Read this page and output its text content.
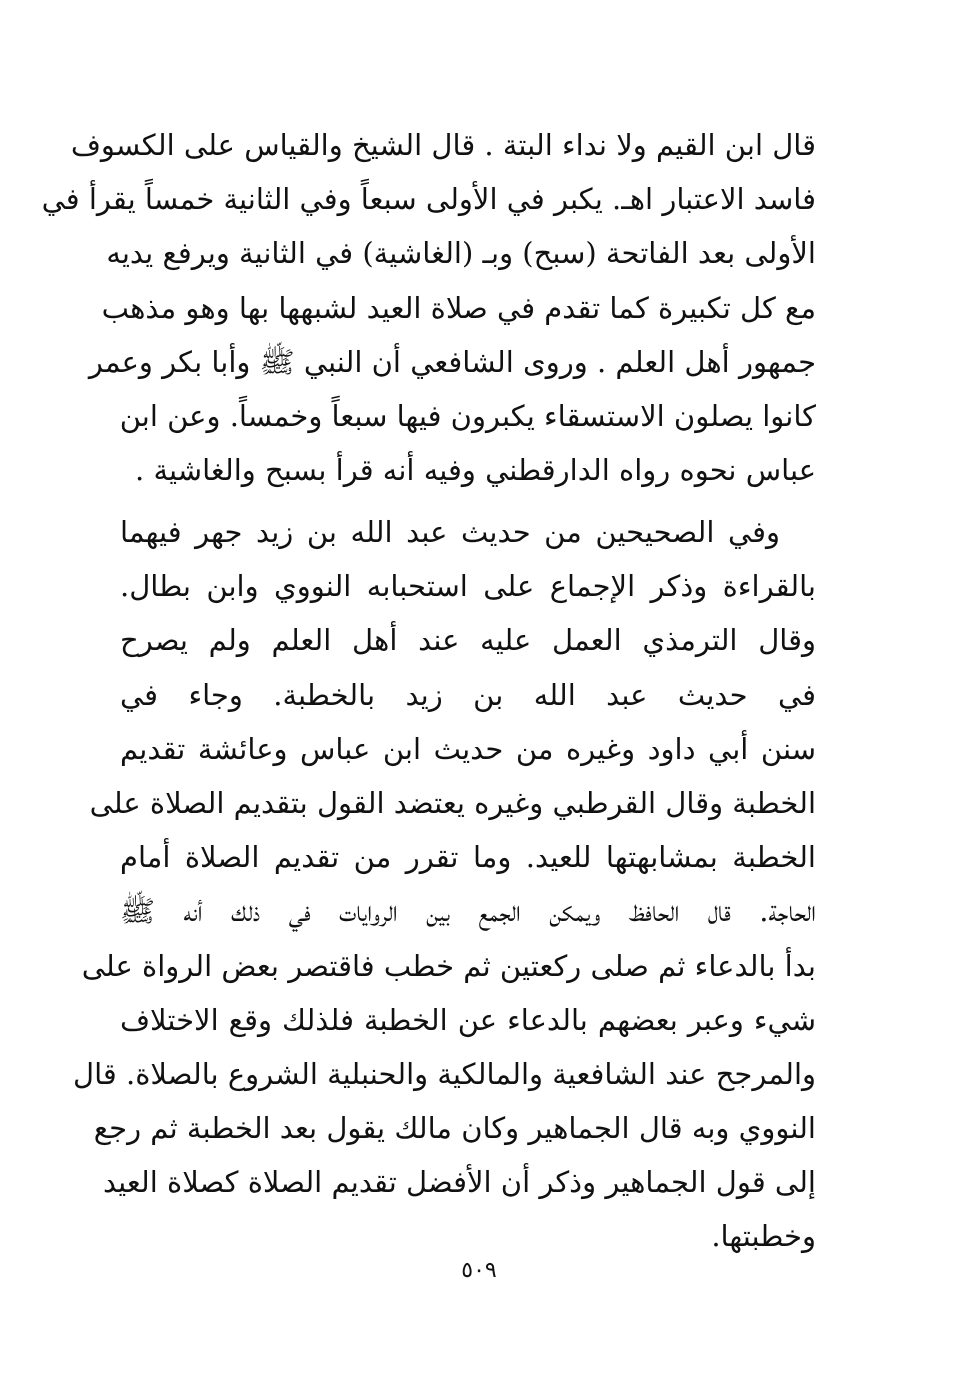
قال ابن القيم ولا نداء البتة . قال الشيخ والقياس على الكسوف
فاسد الاعتبار اهـ. يكبر في الأولى سبعاً وفي الثانية خمساً يقرأ في
الأولى بعد الفاتحة (سبح) وبـ (الغاشية) في الثانية ويرفع يديه
مع كل تكبيرة كما تقدم في صلاة العيد لشبهها بها وهو مذهب
جمهور أهل العلم . وروى الشافعي أن النبي ﷺ وأبا بكر وعمر
كانوا يصلون الاستسقاء يكبرون فيها سبعاً وخمساً. وعن ابن
عباس نحوه رواه الدارقطني وفيه أنه قرأ بسبح والغاشية .
وفي الصحيحين من حديث عبد الله بن زيد جهر فيهما
بالقراءة وذكر الإجماع على استحبابه النووي وابن بطال.
وقال الترمذي العمل عليه عند أهل العلم ولم يصرح
في حديث عبد الله بن زيد بالخطبة. وجاء في
سنن أبي داود وغيره من حديث ابن عباس وعائشة تقديم
الخطبة وقال القرطبي وغيره يعتضد القول بتقديم الصلاة على
الخطبة بمشابهتها للعيد. وما تقرر من تقديم الصلاة أمام
الحاجة. قال الحافظ ويمكن الجمع بين الروايات في ذلك أنه ﷺ
بدأ بالدعاء ثم صلى ركعتين ثم خطب فاقتصر بعض الرواة على
شيء وعبر بعضهم بالدعاء عن الخطبة فلذلك وقع الاختلاف
والمرجح عند الشافعية والمالكية والحنبلية الشروع بالصلاة. قال
النووي وبه قال الجماهير وكان مالك يقول بعد الخطبة ثم رجع
إلى قول الجماهير وذكر أن الأفضل تقديم الصلاة كصلاة العيد
وخطبتها.
٥٠٩
